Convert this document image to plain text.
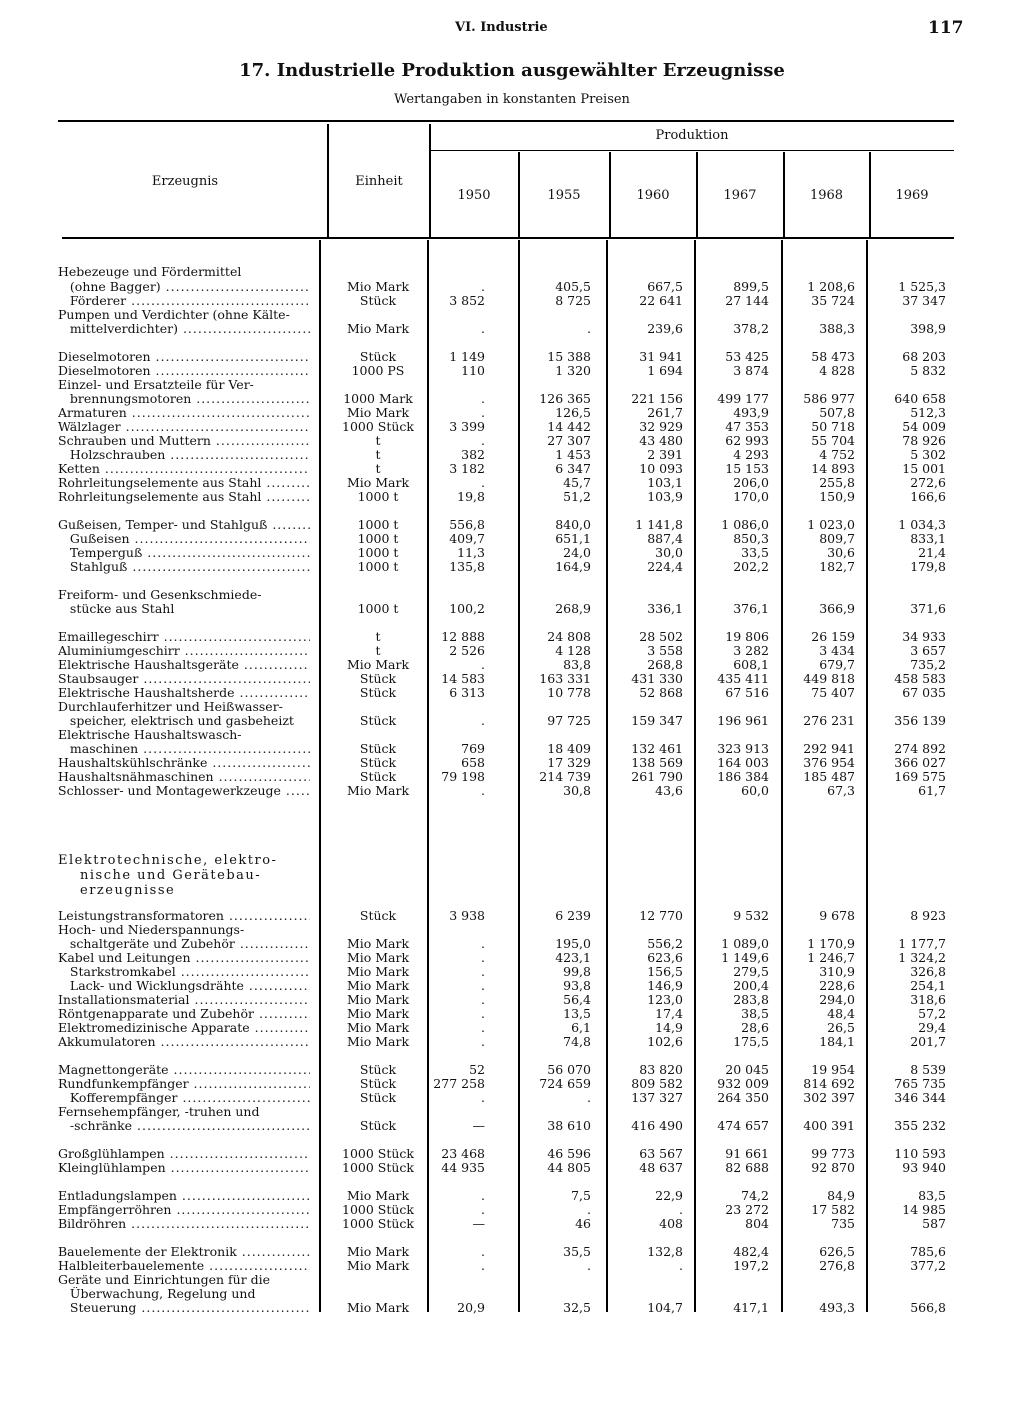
VI. Industrie	117
17. Industrielle Produktion ausgewählter Erzeugnisse
Wertangaben in konstanten Preisen
Erzeugnis	Einheit
Produktion
1950	1955	1960	1967	1968	1969
Elektrotechnische, elektro-
nische und Gerätebau-
erzeugnisse
Hebezeuge und Fördermittel
(ohne Bagger) .....	Mio Mark	.	405,5	667,5	899,5	1 208,6	1 525,3
Förderer .....	Stück	3 852	8 725	22 641	27 144	35 724	37 347
Pumpen und Verdichter (ohne Kälte-
mittelverdichter) .....	Mio Mark	.	.	239,6	378,2	388,3	398,9
Dieselmotoren .....	Stück	1 149	15 388	31 941	53 425	58 473	68 203
Dieselmotoren .....	1000 PS	110	1 320	1 694	3 874	4 828	5 832
Einzel- und Ersatzteile für Ver-
brennungsmotoren .....	1000 Mark	.	126 365	221 156	499 177	586 977	640 658
Armaturen .....	Mio Mark	.	126,5	261,7	493,9	507,8	512,3
Wälzlager .....	1000 Stück	3 399	14 442	32 929	47 353	50 718	54 009
Schrauben und Muttern .....	t	.	27 307	43 480	62 993	55 704	78 926
Holzschrauben .....	t	382	1 453	2 391	4 293	4 752	5 302
Ketten .....	t	3 182	6 347	10 093	15 153	14 893	15 001
Rohrleitungselemente aus Stahl .....	Mio Mark	.	45,7	103,1	206,0	255,8	272,6
Rohrleitungselemente aus Stahl .....	1000 t	19,8	51,2	103,9	170,0	150,9	166,6
Gußeisen, Temper- und Stahlguß .....	1000 t	556,8	840,0	1 141,8	1 086,0	1 023,0	1 034,3
Gußeisen .....	1000 t	409,7	651,1	887,4	850,3	809,7	833,1
Temperguß .....	1000 t	11,3	24,0	30,0	33,5	30,6	21,4
Stahlguß .....	1000 t	135,8	164,9	224,4	202,2	182,7	179,8
Freiform- und Gesenkschmiede-
stücke aus Stahl	1000 t	100,2	268,9	336,1	376,1	366,9	371,6
Emaillegeschirr .....	t	12 888	24 808	28 502	19 806	26 159	34 933
Aluminiumgeschirr .....	t	2 526	4 128	3 558	3 282	3 434	3 657
Elektrische Haushaltsgeräte .....	Mio Mark	.	83,8	268,8	608,1	679,7	735,2
Staubsauger .....	Stück	14 583	163 331	431 330	435 411	449 818	458 583
Elektrische Haushaltsherde .....	Stück	6 313	10 778	52 868	67 516	75 407	67 035
Durchlauferhitzer und Heißwasser-
speicher, elektrisch und gasbeheizt	Stück	.	97 725	159 347	196 961	276 231	356 139
Elektrische Haushaltswasch-
maschinen .....	Stück	769	18 409	132 461	323 913	292 941	274 892
Haushaltskühlschränke .....	Stück	658	17 329	138 569	164 003	376 954	366 027
Haushaltsnähmaschinen .....	Stück	79 198	214 739	261 790	186 384	185 487	169 575
Schlosser- und Montagewerkzeuge .....	Mio Mark	.	30,8	43,6	60,0	67,3	61,7
Leistungstransformatoren .....	Stück	3 938	6 239	12 770	9 532	9 678	8 923
Hoch- und Niederspannungs-
schaltgeräte und Zubehör .....	Mio Mark	.	195,0	556,2	1 089,0	1 170,9	1 177,7
Kabel und Leitungen .....	Mio Mark	.	423,1	623,6	1 149,6	1 246,7	1 324,2
Starkstromkabel .....	Mio Mark	.	99,8	156,5	279,5	310,9	326,8
Lack- und Wicklungsdrähte .....	Mio Mark	.	93,8	146,9	200,4	228,6	254,1
Installationsmaterial .....	Mio Mark	.	56,4	123,0	283,8	294,0	318,6
Röntgenapparate und Zubehör .....	Mio Mark	.	13,5	17,4	38,5	48,4	57,2
Elektromedizinische Apparate .....	Mio Mark	.	6,1	14,9	28,6	26,5	29,4
Akkumulatoren .....	Mio Mark	.	74,8	102,6	175,5	184,1	201,7
Magnettongeräte .....	Stück	52	56 070	83 820	20 045	19 954	8 539
Rundfunkempfänger .....	Stück	277 258	724 659	809 582	932 009	814 692	765 735
Kofferempfänger .....	Stück	.	.	137 327	264 350	302 397	346 344
Fernsehempfänger, -truhen und
-schränke .....	Stück	—	38 610	416 490	474 657	400 391	355 232
Großglühlampen .....	1000 Stück	23 468	46 596	63 567	91 661	99 773	110 593
Kleinglühlampen .....	1000 Stück	44 935	44 805	48 637	82 688	92 870	93 940
Entladungslampen .....	Mio Mark	.	7,5	22,9	74,2	84,9	83,5
Empfängerröhren .....	1000 Stück	.	.	.	23 272	17 582	14 985
Bildröhren .....	1000 Stück	—	46	408	804	735	587
Bauelemente der Elektronik .....	Mio Mark	.	35,5	132,8	482,4	626,5	785,6
Halbleiterbauelemente .....	Mio Mark	.	.	.	197,2	276,8	377,2
Geräte und Einrichtungen für die
Überwachung, Regelung und
Steuerung .....	Mio Mark	20,9	32,5	104,7	417,1	493,3	566,8
